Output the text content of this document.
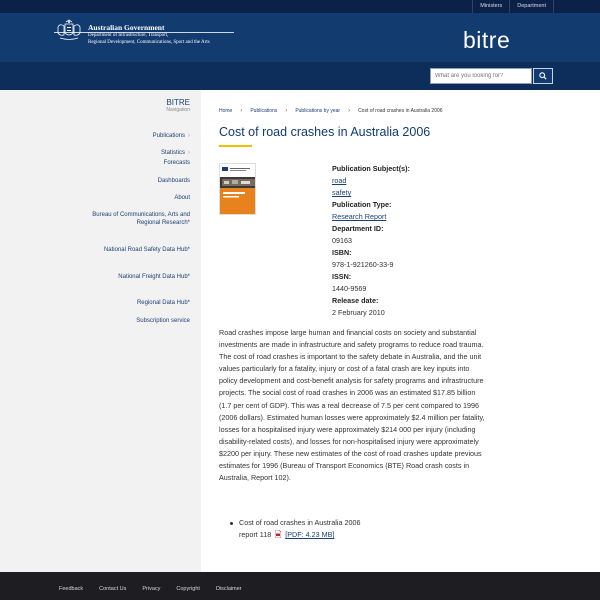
Ministers	Department
Australian Government
Department of Infrastructure, Transport,
Regional Development, Communications, Sport and the Arts	bitre
What are you looking for?
BITRE
Navigation
Publications ›
Statistics ›
Forecasts
Dashboards
About
Bureau of Communications, Arts and Regional Research*
National Road Safety Data Hub*
National Freight Data Hub*
Regional Data Hub*
Subscription service
Home › Publications › Publications by year › Cost of road crashes in Australia 2006
Cost of road crashes in Australia 2006
Publication Subject(s):
road
safety
Publication Type:
Research Report
Department ID:
09163
ISBN:
978-1-921260-33-9
ISSN:
1440-9569
Release date:
2 February 2010

Road crashes impose large human and financial costs on society and substantial investments are made in infrastructure and safety programs to reduce road trauma. The cost of road crashes is important to the safety debate in Australia, and the unit values particularly for a fatality, injury or cost of a fatal crash are key inputs into policy development and cost-benefit analysis for safety programs and infrastructure projects. The social cost of road crashes in 2006 was an estimated $17.85 billion (1.7 per cent of GDP). This was a real decrease of 7.5 per cent compared to 1996 (2006 dollars). Estimated human losses were approximately $2.4 million per fatality, losses for a hospitalised injury were approximately $214 000 per injury (including disability-related costs), and losses for non-hospitalised injury were approximately $2200 per injury. These new estimates of the cost of road crashes update previous estimates for 1996 (Bureau of Transport Economics (BTE) Road crash costs in Australia, Report 102).

Cost of road crashes in Australia 2006
report 118 [PDF: 4.23 MB]
Feedback	Contact Us	Privacy	Copyright	Disclaimer
